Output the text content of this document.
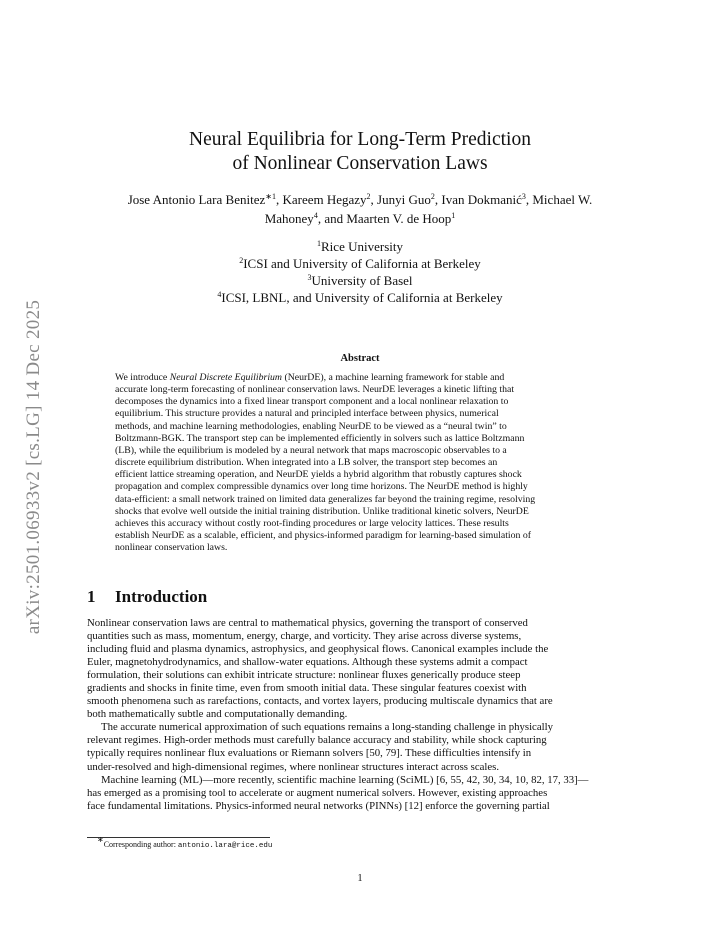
arXiv:2501.06933v2 [cs.LG] 14 Dec 2025
Neural Equilibria for Long-Term Prediction
of Nonlinear Conservation Laws
Jose Antonio Lara Benitez$^{∗1}$, Kareem Hegazy$^2$, Junyi Guo$^2$, Ivan Dokmanić$^3$, Michael W.
Mahoney$^4$, and Maarten V. de Hoop$^1$
$^1$Rice University
$^2$ICSI and University of California at Berkeley
$^3$University of Basel
$^4$ICSI, LBNL, and University of California at Berkeley
Abstract
We introduce Neural Discrete Equilibrium (NeurDE), a machine learning framework for stable and
accurate long-term forecasting of nonlinear conservation laws. NeurDE leverages a kinetic lifting that
decomposes the dynamics into a fixed linear transport component and a local nonlinear relaxation to
equilibrium. This structure provides a natural and principled interface between physics, numerical
methods, and machine learning methodologies, enabling NeurDE to be viewed as a “neural twin” to
Boltzmann-BGK. The transport step can be implemented efficiently in solvers such as lattice Boltzmann
(LB), while the equilibrium is modeled by a neural network that maps macroscopic observables to a
discrete equilibrium distribution. When integrated into a LB solver, the transport step becomes an
efficient lattice streaming operation, and NeurDE yields a hybrid algorithm that robustly captures shock
propagation and complex compressible dynamics over long time horizons. The NeurDE method is highly
data-efficient: a small network trained on limited data generalizes far beyond the training regime, resolving
shocks that evolve well outside the initial training distribution. Unlike traditional kinetic solvers, NeurDE
achieves this accuracy without costly root-finding procedures or large velocity lattices. These results
establish NeurDE as a scalable, efficient, and physics-informed paradigm for learning-based simulation of
nonlinear conservation laws.
1 Introduction
Nonlinear conservation laws are central to mathematical physics, governing the transport of conserved
quantities such as mass, momentum, energy, charge, and vorticity. They arise across diverse systems,
including fluid and plasma dynamics, astrophysics, and geophysical flows. Canonical examples include the
Euler, magnetohydrodynamics, and shallow-water equations. Although these systems admit a compact
formulation, their solutions can exhibit intricate structure: nonlinear fluxes generically produce steep
gradients and shocks in finite time, even from smooth initial data. These singular features coexist with
smooth phenomena such as rarefactions, contacts, and vortex layers, producing multiscale dynamics that are
both mathematically subtle and computationally demanding.
The accurate numerical approximation of such equations remains a long-standing challenge in physically
relevant regimes. High-order methods must carefully balance accuracy and stability, while shock capturing
typically requires nonlinear flux evaluations or Riemann solvers [50, 79]. These difficulties intensify in
under-resolved and high-dimensional regimes, where nonlinear structures interact across scales.
Machine learning (ML)—more recently, scientific machine learning (SciML) [6, 55, 42, 30, 34, 10, 82, 17, 33]—
has emerged as a promising tool to accelerate or augment numerical solvers. However, existing approaches
face fundamental limitations. Physics-informed neural networks (PINNs) [12] enforce the governing partial
∗Corresponding author: antonio.lara@rice.edu
1
